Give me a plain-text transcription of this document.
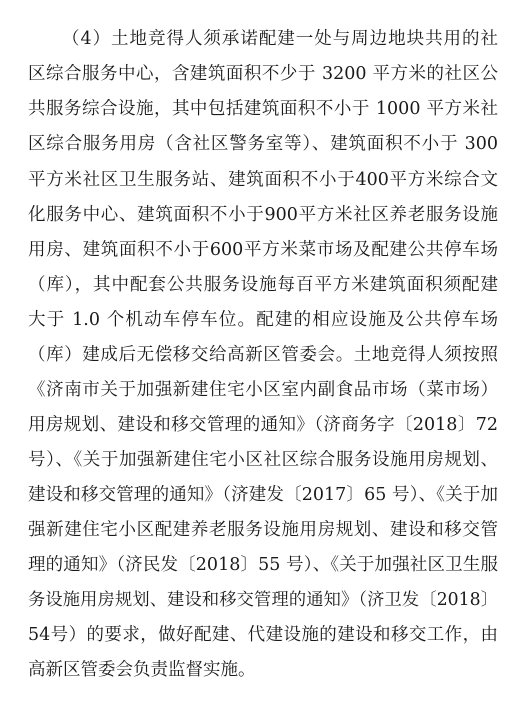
（4）土地竞得人须承诺配建一处与周边地块共用的社
区综合服务中心，含建筑面积不少于 3200 平方米的社区公
共服务综合设施，其中包括建筑面积不小于 1000 平方米社
区综合服务用房（含社区警务室等）、建筑面积不小于 300
平方米社区卫生服务站、建筑面积不小于400平方米综合文
化服务中心、建筑面积不小于900平方米社区养老服务设施
用房、建筑面积不小于600平方米菜市场及配建公共停车场
（库），其中配套公共服务设施每百平方米建筑面积须配建
大于 1.0 个机动车停车位。配建的相应设施及公共停车场
（库）建成后无偿移交给高新区管委会。土地竞得人须按照
《济南市关于加强新建住宅小区室内副食品市场（菜市场）
用房规划、建设和移交管理的通知》（济商务字〔2018〕72
号）、《关于加强新建住宅小区社区综合服务设施用房规划、
建设和移交管理的通知》（济建发〔2017〕65 号）、《关于加
强新建住宅小区配建养老服务设施用房规划、建设和移交管
理的通知》（济民发〔2018〕55 号）、《关于加强社区卫生服
务设施用房规划、建设和移交管理的通知》（济卫发〔2018〕
54号）的要求，做好配建、代建设施的建设和移交工作，由
高新区管委会负责监督实施。
